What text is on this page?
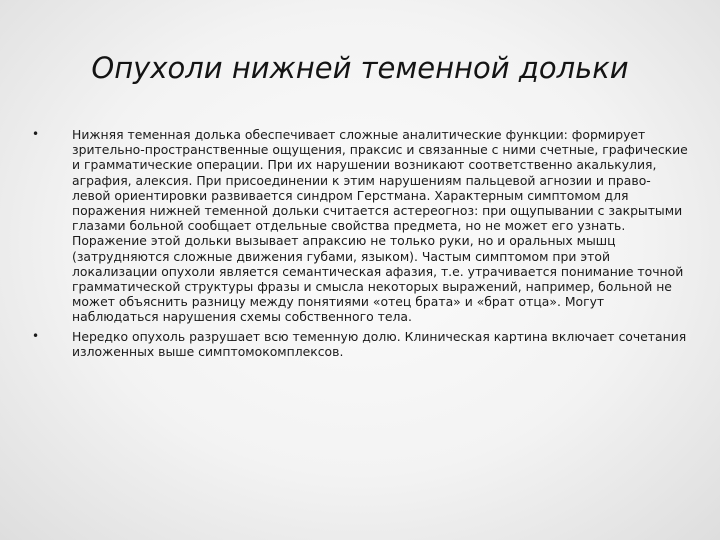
Опухоли нижней теменной дольки
•	Нижняя теменная долька обеспечивает сложные аналитические функции: формирует зрительно-пространственные ощущения, праксис и связанные с ними счетные, графические и грамматические операции. При их нарушении возникают соответственно акалькулия, аграфия, алексия. При присоединении к этим нарушениям пальцевой агнозии и право-левой ориентировки развивается синдром Герстмана. Характерным симптомом для поражения нижней теменной дольки считается астереогноз: при ощупывании с закрытыми глазами больной сообщает отдельные свойства предмета, но не может его узнать. Поражение этой дольки вызывает апраксию не только руки, но и оральных мышц (затрудняются сложные движения губами, языком). Частым симптомом при этой локализации опухоли является семантическая афазия, т.е. утрачивается понимание точной грамматической структуры фразы и смысла некоторых выражений, например, больной не может объяснить разницу между понятиями «отец брата» и «брат отца». Могут наблюдаться нарушения схемы собственного тела.

•	Нередко опухоль разрушает всю теменную долю. Клиническая картина включает сочетания изложенных выше симптомокомплексов.
